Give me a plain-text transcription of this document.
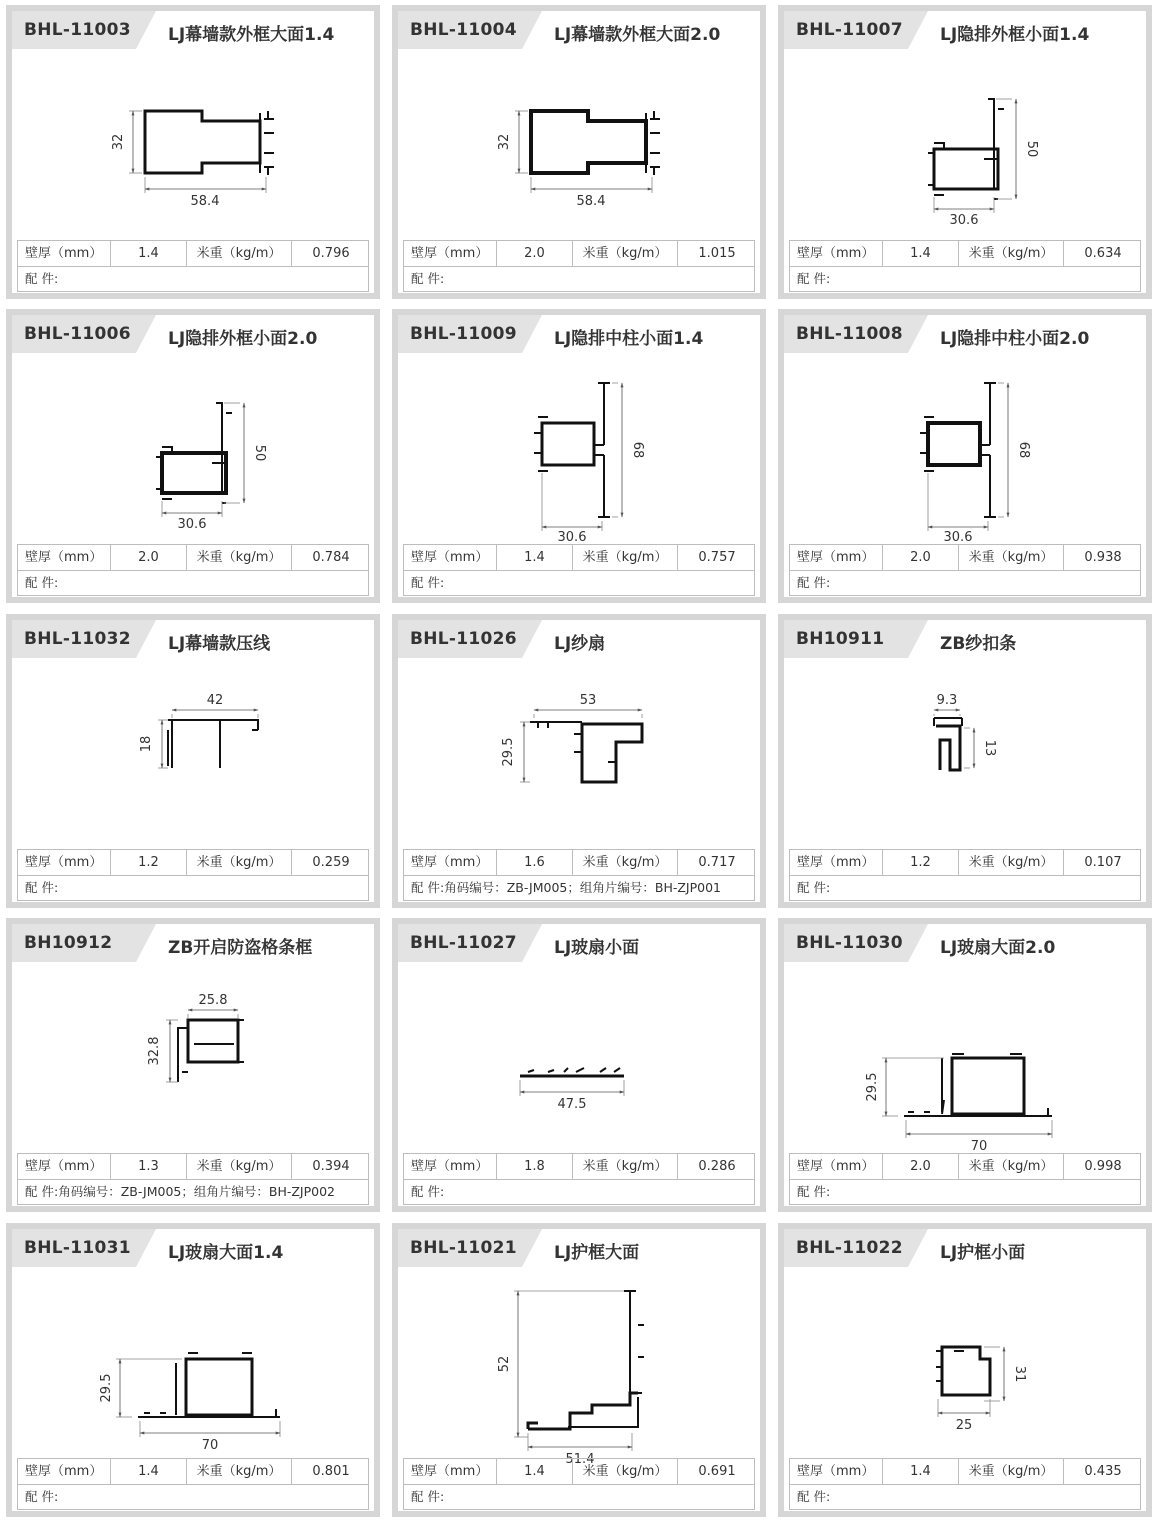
BHL-11003 LJ幕墙款外框大面1.4
32
58.4
壁厚（mm）	1.4	米重（kg/m）	0.796
配 件:
BHL-11004 LJ幕墙款外框大面2.0
32
58.4
壁厚（mm）	2.0	米重（kg/m）	1.015
配 件:
BHL-11007 LJ隐排外框小面1.4
50
30.6
壁厚（mm）	1.4	米重（kg/m）	0.634
配 件:
BHL-11006 LJ隐排外框小面2.0
50
30.6
壁厚（mm）	2.0	米重（kg/m）	0.784
配 件:
BHL-11009 LJ隐排中柱小面1.4
68
30.6
壁厚（mm）	1.4	米重（kg/m）	0.757
配 件:
BHL-11008 LJ隐排中柱小面2.0
68
30.6
壁厚（mm）	2.0	米重（kg/m）	0.938
配 件:
BHL-11032 LJ幕墙款压线
42
18
壁厚（mm）	1.2	米重（kg/m）	0.259
配 件:
BHL-11026 LJ纱扇
53
29.5
壁厚（mm）	1.6	米重（kg/m）	0.717
配 件:角码编号：ZB-JM005；组角片编号：BH-ZJP001
BH10911	ZB纱扣条
9.3
13
壁厚（mm）	1.2	米重（kg/m）	0.107
配 件:
BH10912	ZB开启防盗格条框
25.8
32.8
壁厚（mm）	1.3	米重（kg/m）	0.394
配 件:角码编号：ZB-JM005；组角片编号：BH-ZJP002
BHL-11027 LJ玻扇小面
47.5
壁厚（mm）	1.8	米重（kg/m）	0.286
配 件:
BHL-11030 LJ玻扇大面2.0
29.5
70
壁厚（mm）	2.0	米重（kg/m）	0.998
配 件:
BHL-11031 LJ玻扇大面1.4
29.5
70
壁厚（mm）	1.4	米重（kg/m）	0.801
配 件:
BHL-11021 LJ护框大面
52
51.4
壁厚（mm）	1.4	米重（kg/m）	0.691
配 件:
BHL-11022 LJ护框小面
31
25
壁厚（mm）	1.4	米重（kg/m）	0.435
配 件:
